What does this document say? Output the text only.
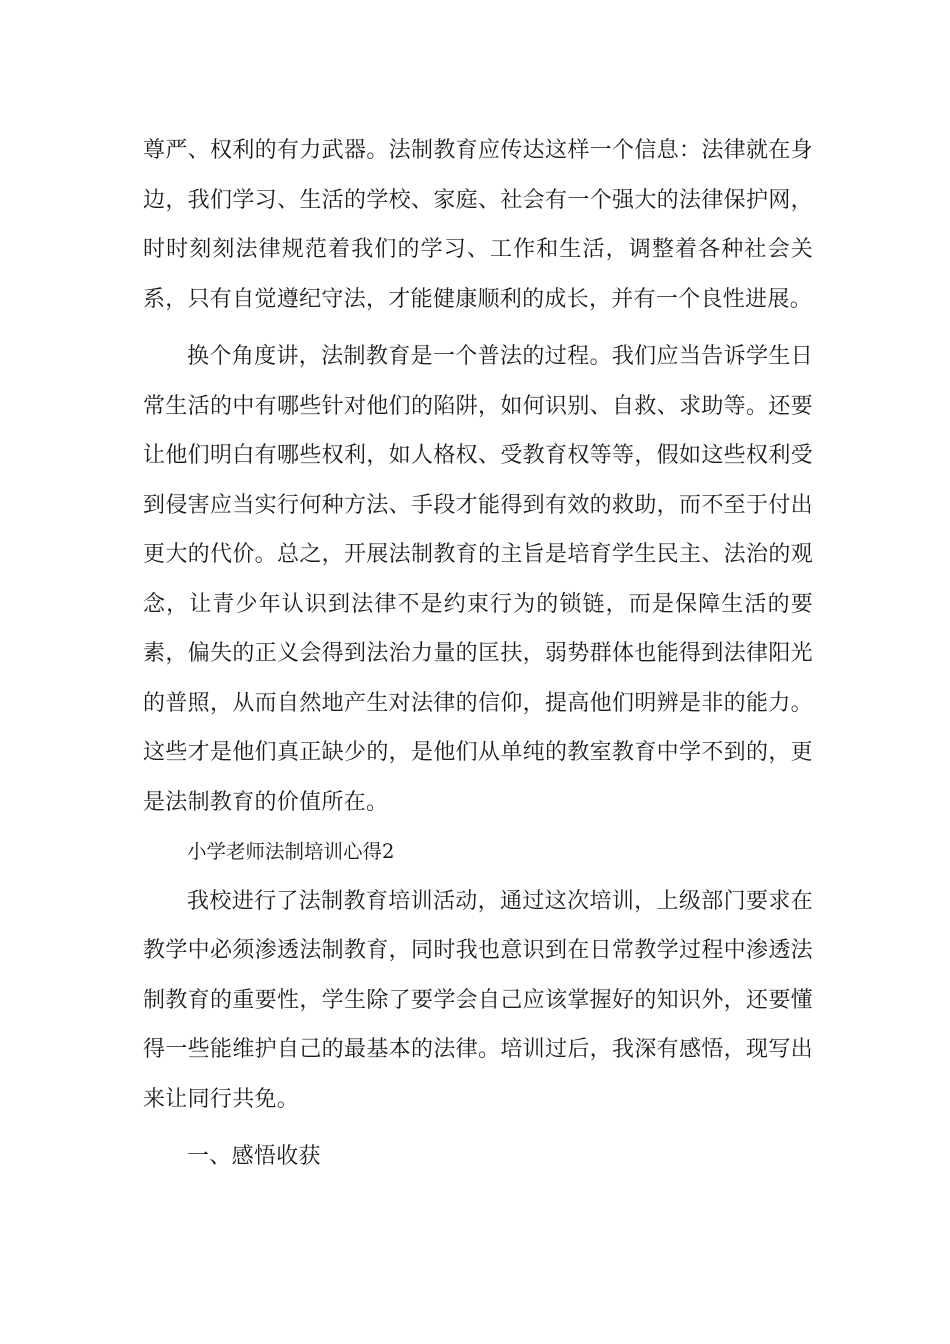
尊严、权利的有力武器。法制教育应传达这样一个信息：法律就在身边，我们学习、生活的学校、家庭、社会有一个强大的法律保护网，时时刻刻法律规范着我们的学习、工作和生活，调整着各种社会关系，只有自觉遵纪守法，才能健康顺利的成长，并有一个良性进展。

换个角度讲，法制教育是一个普法的过程。我们应当告诉学生日常生活的中有哪些针对他们的陷阱，如何识别、自救、求助等。还要让他们明白有哪些权利，如人格权、受教育权等等，假如这些权利受到侵害应当实行何种方法、手段才能得到有效的救助，而不至于付出更大的代价。总之，开展法制教育的主旨是培育学生民主、法治的观念，让青少年认识到法律不是约束行为的锁链，而是保障生活的要素，偏失的正义会得到法治力量的匡扶，弱势群体也能得到法律阳光的普照，从而自然地产生对法律的信仰，提高他们明辨是非的能力。这些才是他们真正缺少的，是他们从单纯的教室教育中学不到的，更是法制教育的价值所在。

小学老师法制培训心得2

我校进行了法制教育培训活动，通过这次培训，上级部门要求在教学中必须渗透法制教育，同时我也意识到在日常教学过程中渗透法制教育的重要性，学生除了要学会自己应该掌握好的知识外，还要懂得一些能维护自己的最基本的法律。培训过后，我深有感悟，现写出来让同行共免。

一、感悟收获
